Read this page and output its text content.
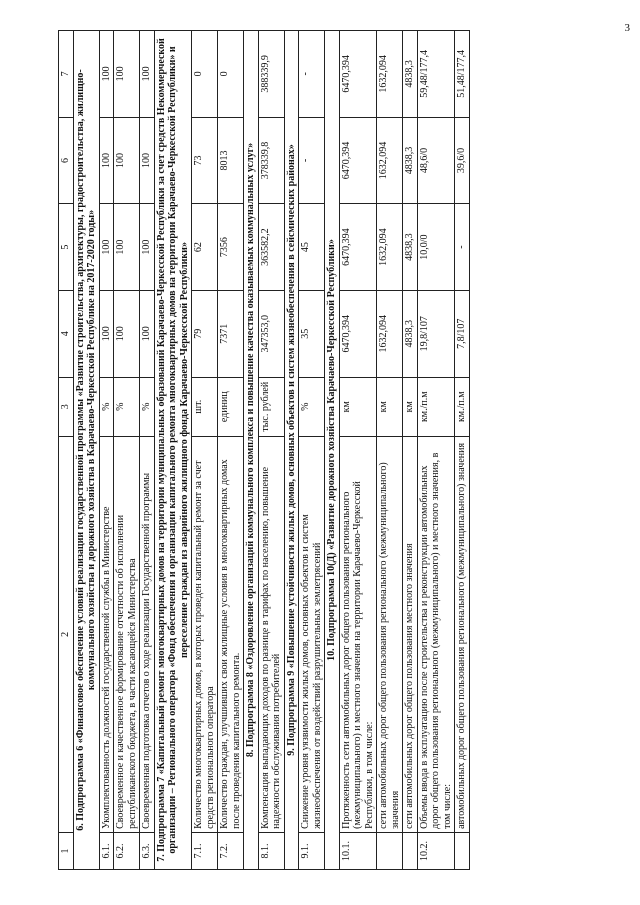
3
1	2	3	4	5	6	7
6. Подпрограмма 6 «Финансовое обеспечение условий реализации государственной программы «Развитие строительства, архитектуры, градостроительства, жилищно-коммунального хозяйства и дорожного хозяйства в Карачаево-Черкесской Республике на 2017-2020 годы»						
6.1.	Укомплектованность должностей государственной службы в Министерстве	%	100	100	100	100
6.2.	Своевременное и качественное формирование отчетности об исполнении республиканского бюджета, в части касающейся Министерства	%	100	100	100	100
6.3.	Своевременная подготовка отчетов о ходе реализации Государственной программы	%	100	100	100	100
7. Подпрограмма 7 «Капитальный ремонт многоквартирных домов на территории муниципальных образований Карачаево-Черкесской Республики за счет средств Некоммерческой организации – Регионального оператора «Фонд обеспечения и организации капитального ремонта многоквартирных домов на территории Карачаево-Черкесской Республики» и переселение граждан из аварийного жилищного фонда Карачаево-Черкесской Республики»						
7.1.	Количество многоквартирных домов, в которых проведен капитальный ремонт за счет средств регионального оператора	шт.	79	62	73	0
7.2.	Количество граждан, улучшивших свои жилищные условия в многоквартирных домах после проведения капитального ремонта.	единиц	7371	7356	8013	0
8. Подпрограмма 8 «Оздоровление организаций коммунального комплекса и повышение качества оказываемых коммунальных услуг»						
8.1.	Компенсация выпадающих доходов по разнице в тарифах по населению, повышение надежности обслуживания потребителей	тыс. рублей	347353,0	363582,2	378339,8	388339,9
9. Подпрограмма 9 «Повышение устойчивости жилых домов, основных объектов и систем жизнеобеспечения в сейсмических районах»						
9.1.	Снижение уровня уязвимости жилых домов, основных объектов и систем жизнеобеспечения от воздействий разрушительных землетрясений	%	35	45	-	-
10. Подпрограмма 10(Д) «Развитие дорожного хозяйства Карачаево-Черкесской Республики»						
10.1.	Протяженность сети автомобильных дорог общего пользования регионального (межмуниципального) и местного значения на территории Карачаево-Черкесской Республики, в том числе:	км	6470,394	6470,394	6470,394	6470,394
	сети автомобильных дорог общего пользования регионального (межмуниципального) значения	км	1632,094	1632,094	1632,094	1632,094
	сети автомобильных дорог общего пользования местного значения	км	4838,3	4838,3	4838,3	4838,3
10.2.	Объемы ввода в эксплуатацию после строительства и реконструкции автомобильных дорог общего пользования регионального (межмуниципального) и местного значения, в том числе:	км./п.м	19,8/107	10,0/0	48,6/0	59,48/177,4
	автомобильных дорог общего пользования регионального (межмуниципального) значения	км./п.м	7,8/107	-	39,6/0	51,48/177,4
